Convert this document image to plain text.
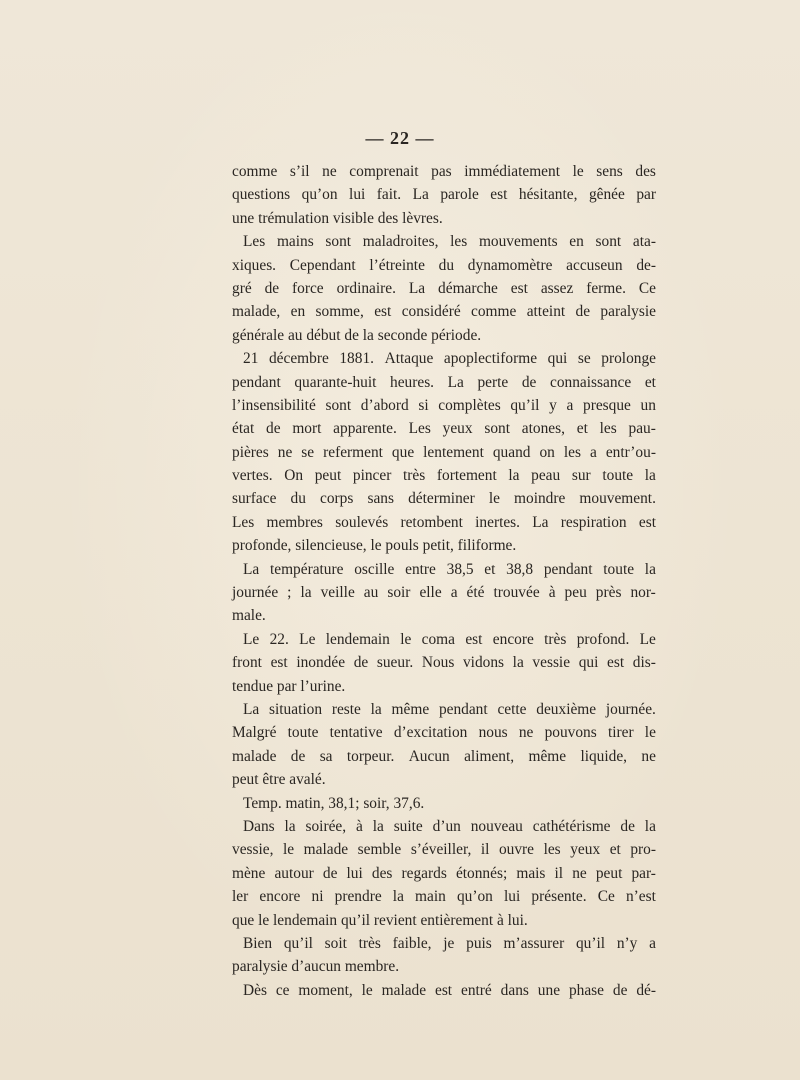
— 22 —
comme s’il ne comprenait pas immédiatement le sens des
questions qu’on lui fait. La parole est hésitante, gênée par
une trémulation visible des lèvres.
Les mains sont maladroites, les mouvements en sont ata-
xiques. Cependant l’étreinte du dynamomètre accuseun de-
gré de force ordinaire. La démarche est assez ferme. Ce
malade, en somme, est considéré comme atteint de paralysie
générale au début de la seconde période.
21 décembre 1881. Attaque apoplectiforme qui se prolonge
pendant quarante-huit heures. La perte de connaissance et
l’insensibilité sont d’abord si complètes qu’il y a presque un
état de mort apparente. Les yeux sont atones, et les pau-
pières ne se referment que lentement quand on les a entr’ou-
vertes. On peut pincer très fortement la peau sur toute la
surface du corps sans déterminer le moindre mouvement.
Les membres soulevés retombent inertes. La respiration est
profonde, silencieuse, le pouls petit, filiforme.
La température oscille entre 38,5 et 38,8 pendant toute la
journée ; la veille au soir elle a été trouvée à peu près nor-
male.
Le 22. Le lendemain le coma est encore très profond. Le
front est inondée de sueur. Nous vidons la vessie qui est dis-
tendue par l’urine.
La situation reste la même pendant cette deuxième journée.
Malgré toute tentative d’excitation nous ne pouvons tirer le
malade de sa torpeur. Aucun aliment, même liquide, ne
peut être avalé.
Temp. matin, 38,1; soir, 37,6.
Dans la soirée, à la suite d’un nouveau cathétérisme de la
vessie, le malade semble s’éveiller, il ouvre les yeux et pro-
mène autour de lui des regards étonnés; mais il ne peut par-
ler encore ni prendre la main qu’on lui présente. Ce n’est
que le lendemain qu’il revient entièrement à lui.
Bien qu’il soit très faible, je puis m’assurer qu’il n’y a
paralysie d’aucun membre.
Dès ce moment, le malade est entré dans une phase de dé-
